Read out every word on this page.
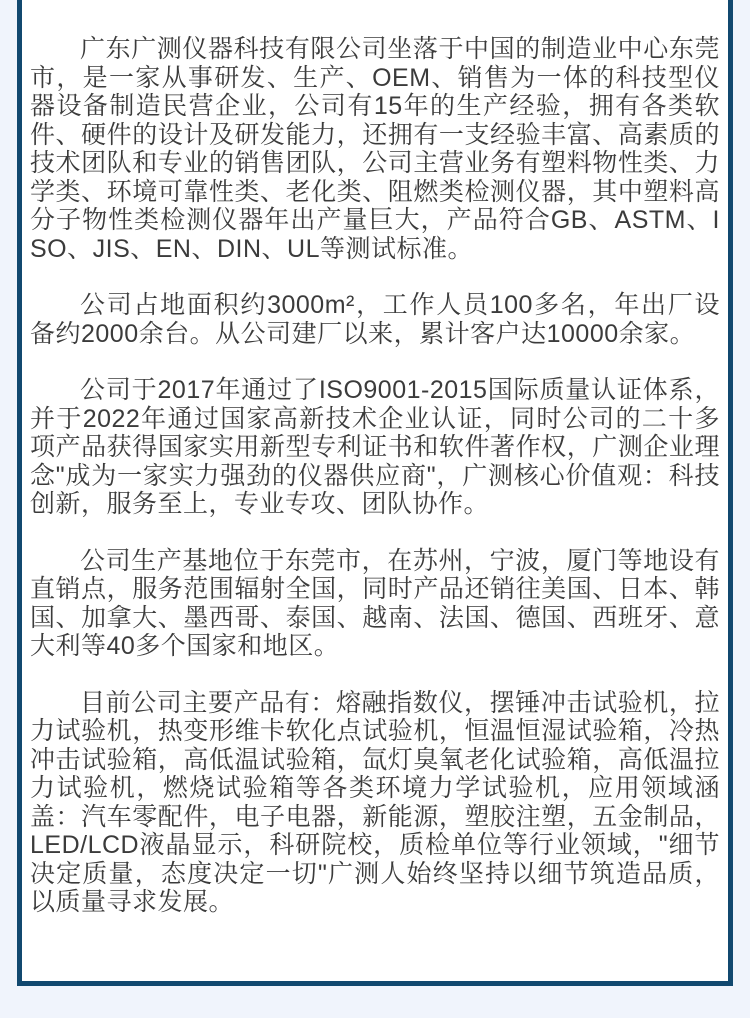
广东广测仪器科技有限公司坐落于中国的制造业中心东莞市，是一家从事研发、生产、OEM、销售为一体的科技型仪器设备制造民营企业，公司有15年的生产经验，拥有各类软件、硬件的设计及研发能力，还拥有一支经验丰富、高素质的技术团队和专业的销售团队，公司主营业务有塑料物性类、力学类、环境可靠性类、老化类、阻燃类检测仪器，其中塑料高分子物性类检测仪器年出产量巨大，产品符合GB、ASTM、ISO、JIS、EN、DIN、UL等测试标准。

公司占地面积约3000m²，工作人员100多名，年出厂设备约2000余台。从公司建厂以来，累计客户达10000余家。

公司于2017年通过了ISO9001-2015国际质量认证体系，并于2022年通过国家高新技术企业认证，同时公司的二十多项产品获得国家实用新型专利证书和软件著作权，广测企业理念"成为一家实力强劲的仪器供应商"，广测核心价值观：科技创新，服务至上，专业专攻、团队协作。

公司生产基地位于东莞市，在苏州，宁波，厦门等地设有直销点，服务范围辐射全国，同时产品还销往美国、日本、韩国、加拿大、墨西哥、泰国、越南、法国、德国、西班牙、意大利等40多个国家和地区。

目前公司主要产品有：熔融指数仪，摆锤冲击试验机，拉力试验机，热变形维卡软化点试验机，恒温恒湿试验箱，冷热冲击试验箱，高低温试验箱，氙灯臭氧老化试验箱，高低温拉力试验机，燃烧试验箱等各类环境力学试验机，应用领域涵盖：汽车零配件，电子电器，新能源，塑胶注塑，五金制品，LED/LCD液晶显示，科研院校，质检单位等行业领域，"细节决定质量，态度决定一切"广测人始终坚持以细节筑造品质，以质量寻求发展。
